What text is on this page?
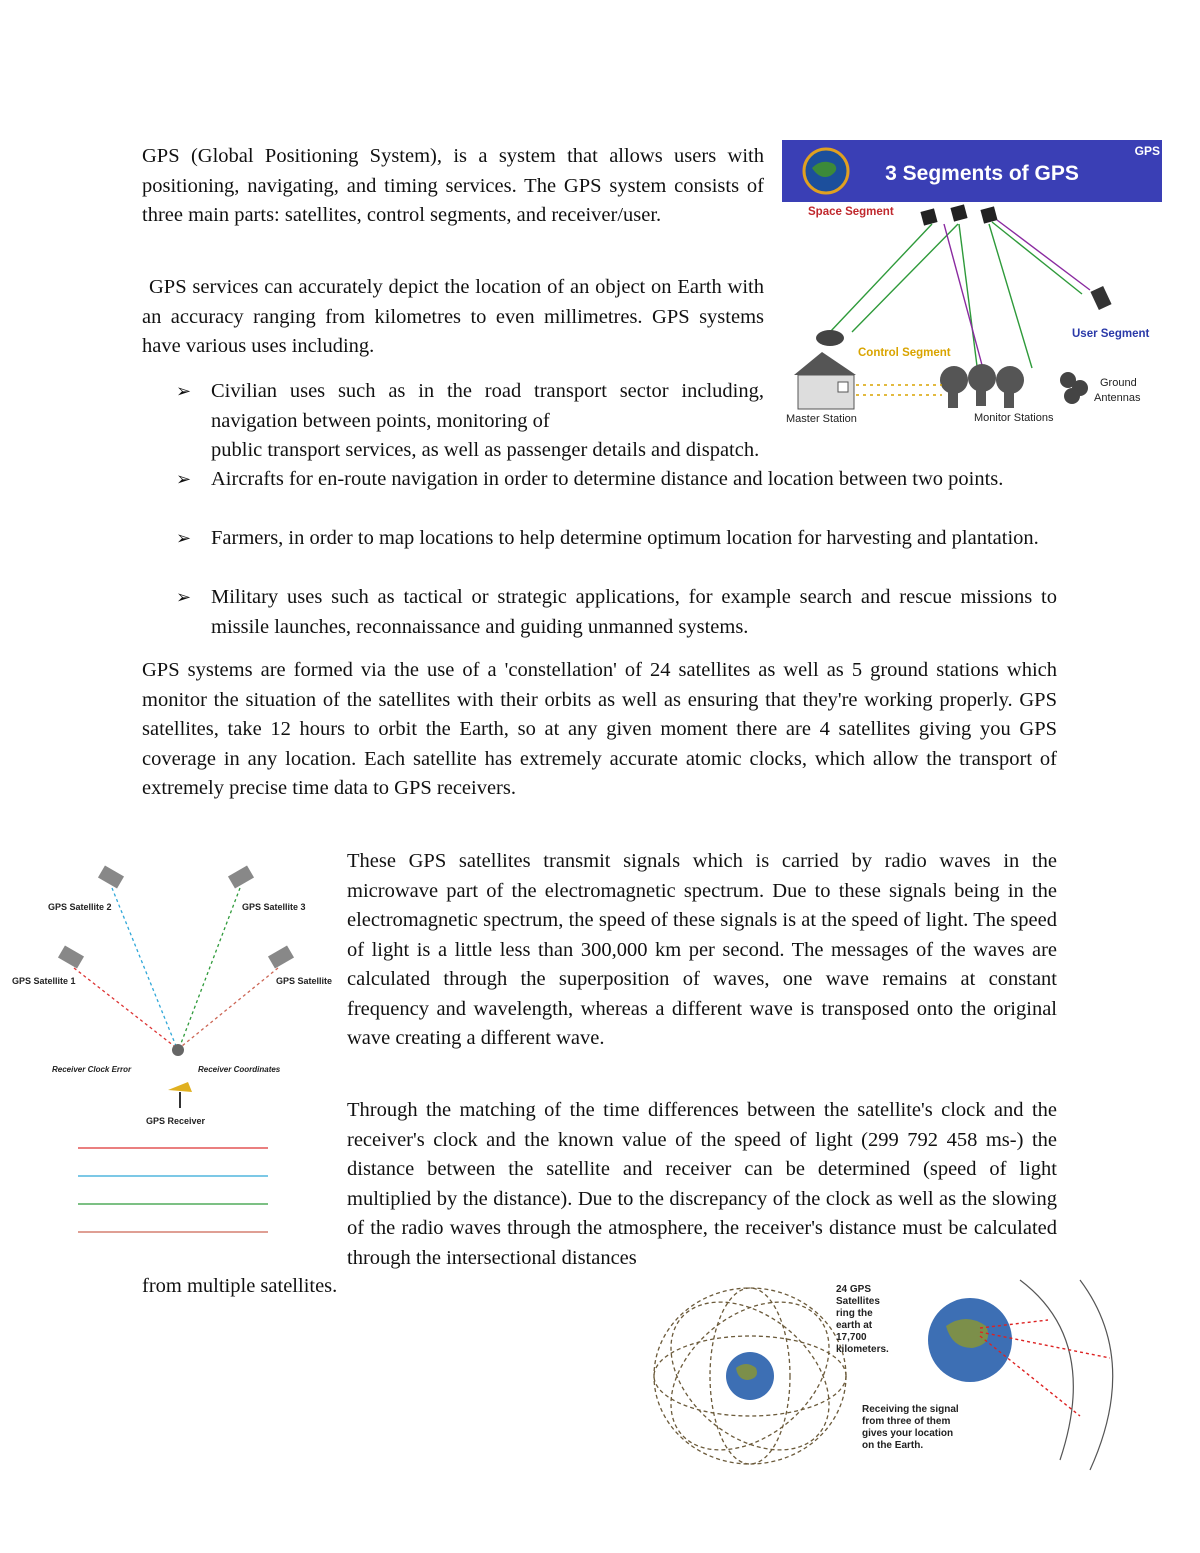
GPS (Global Positioning System), is a system that allows users with positioning, navigating, and timing services. The GPS system consists of three main parts: satellites, control segments, and receiver/user.

GPS services can accurately depict the location of an object on Earth with an accuracy ranging from kilometres to even millimetres. GPS systems have various uses including.

➢ Civilian uses such as in the road transport sector including, navigation between points, monitoring of

public transport services, as well as passenger details and dispatch.

➢ Aircrafts for en-route navigation in order to determine distance and location between two points.

➢ Farmers, in order to map locations to help determine optimum location for harvesting and plantation.

➢ Military uses such as tactical or strategic applications, for example search and rescue missions to missile launches, reconnaissance and guiding unmanned systems.

GPS systems are formed via the use of a 'constellation' of 24 satellites as well as 5 ground stations which monitor the situation of the satellites with their orbits as well as ensuring that they're working properly. GPS satellites, take 12 hours to orbit the Earth, so at any given moment there are 4 satellites giving you GPS coverage in any location. Each satellite has extremely accurate atomic clocks, which allow the transport of extremely precise time data to GPS receivers.

These GPS satellites transmit signals which is carried by radio waves in the microwave part of the electromagnetic spectrum. Due to these signals being in the electromagnetic spectrum, the speed of these signals is at the speed of light. The speed of light is a little less than 300,000 km per second. The messages of the waves are calculated through the superposition of waves, one wave remains at constant frequency and wavelength, whereas a different wave is transposed onto the original wave creating a different wave.

Through the matching of the time differences between the satellite's clock and the receiver's clock and the known value of the speed of light (299 792 458 ms-) the distance between the satellite and receiver can be determined (speed of light multiplied by the distance). Due to the discrepancy of the clock as well as the slowing of the radio waves through the atmosphere, the receiver's distance must be calculated through the intersectional distances

from multiple satellites.

3 Segments of GPS
GPS
Space Segment
User Segment
Control Segment
Ground
Antennas
Master Station	Monitor Stations
GPS Satellite 2	GPS Satellite 3
GPS Satellite 1	GPS Satellite 4
Receiver Clock Error	Receiver Coordinates
GPS Receiver
24 GPS
Satellites
ring the
earth at
17,700
kilometers.
Receiving the signal
from three of them
gives your location
on the Earth.
